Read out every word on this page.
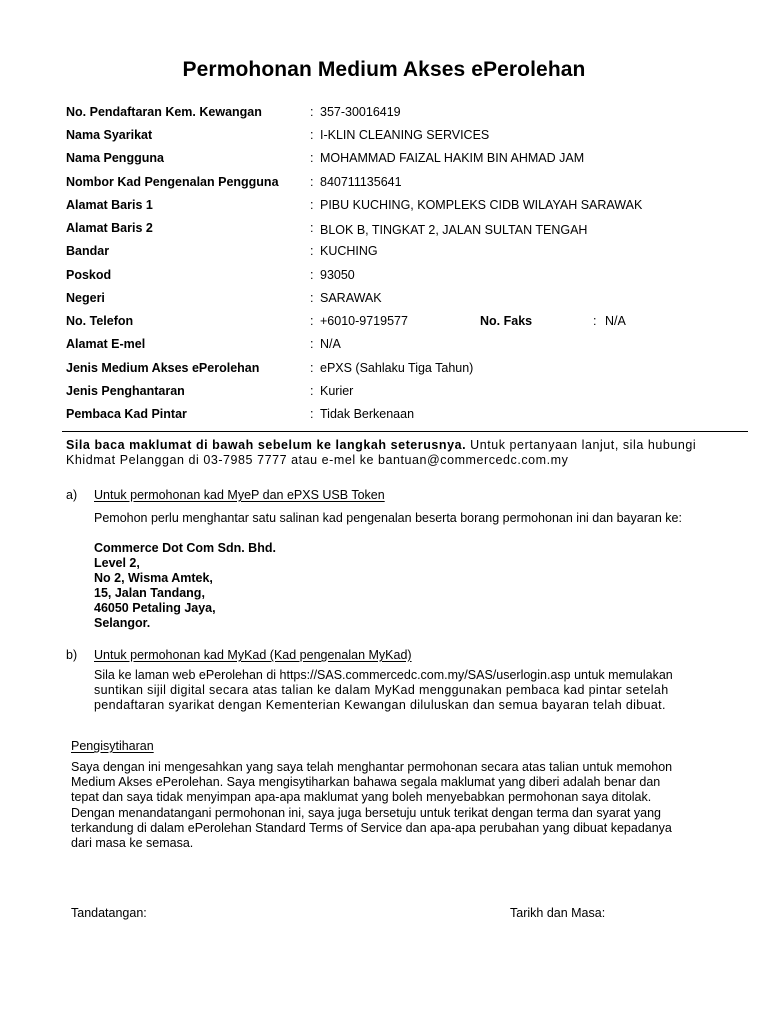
Permohonan Medium Akses ePerolehan
No. Pendaftaran Kem. Kewangan	: 357-30016419
Nama Syarikat	: I-KLIN CLEANING SERVICES
Nama Pengguna	: MOHAMMAD FAIZAL HAKIM BIN AHMAD JAM
Nombor Kad Pengenalan Pengguna	: 840711135641
Alamat Baris 1	: PIBU KUCHING, KOMPLEKS CIDB WILAYAH SARAWAK
Alamat Baris 2	: BLOK B, TINGKAT 2, JALAN SULTAN TENGAH
Bandar	: KUCHING
Poskod	: 93050
Negeri	: SARAWAK
No. Telefon	: +6010-9719577	No. Faks	: N/A
Alamat E-mel	: N/A
Jenis Medium Akses ePerolehan	: ePXS (Sahlaku Tiga Tahun)
Jenis Penghantaran	: Kurier
Pembaca Kad Pintar	: Tidak Berkenaan
Sila baca maklumat di bawah sebelum ke langkah seterusnya. Untuk pertanyaan lanjut, sila hubungi
Khidmat Pelanggan di 03-7985 7777 atau e-mel ke bantuan@commercedc.com.my
a) Untuk permohonan kad MyeP dan ePXS USB Token
Pemohon perlu menghantar satu salinan kad pengenalan beserta borang permohonan ini dan bayaran ke:
Commerce Dot Com Sdn. Bhd.
Level 2,
No 2, Wisma Amtek,
15, Jalan Tandang,
46050 Petaling Jaya,
Selangor.
b) Untuk permohonan kad MyKad (Kad pengenalan MyKad)
Sila ke laman web ePerolehan di https://SAS.commercedc.com.my/SAS/userlogin.asp untuk memulakan
suntikan sijil digital secara atas talian ke dalam MyKad menggunakan pembaca kad pintar setelah
pendaftaran syarikat dengan Kementerian Kewangan diluluskan dan semua bayaran telah dibuat.
Pengisytiharan
Saya dengan ini mengesahkan yang saya telah menghantar permohonan secara atas talian untuk memohon
Medium Akses ePerolehan. Saya mengisytiharkan bahawa segala maklumat yang diberi adalah benar dan
tepat dan saya tidak menyimpan apa-apa maklumat yang boleh menyebabkan permohonan saya ditolak.
Dengan menandatangani permohonan ini, saya juga bersetuju untuk terikat dengan terma dan syarat yang
terkandung di dalam ePerolehan Standard Terms of Service dan apa-apa perubahan yang dibuat kepadanya
dari masa ke semasa.
Tandatangan:	Tarikh dan Masa:
